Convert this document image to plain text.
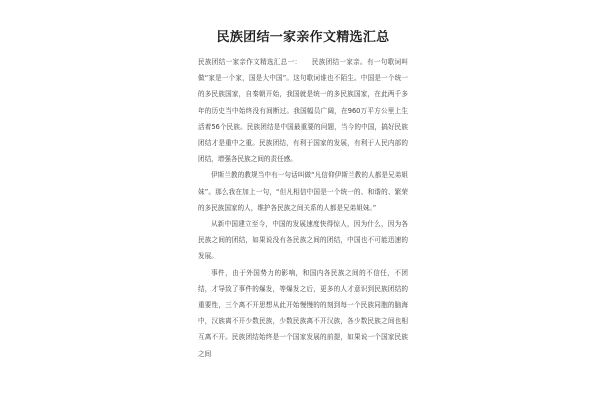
民族团结一家亲作文精选汇总

民族团结一家亲作文精选汇总一：　　民族团结一家亲。有一句歌词叫做“家是一个家，国是大中国”。这句歌词谁也不陌生。中国是一个统一的多民族国家，自秦朝开始，我国就是统一的多民族国家，在此两千多年的历史当中始终没有间断过。我国幅员广阔，在960万平方公里上生活着56个民族。民族团结是中国最重要的问题，当今的中国，搞好民族团结才是重中之重。民族团结，有利于国家的发展，有利于人民内部的团结，增强各民族之间的责任感。

伊斯兰教的教规当中有一句话叫做“凡信仰伊斯兰教的人都是兄弟姐妹”。那么我在加上一句，“但凡相信中国是一个统一的、和谐的、繁荣的多民族国家的人，维护各民族之间关系的人都是兄弟姐妹。”

从新中国建立至今，中国的发展速度快得惊人，因为什么，因为各民族之间的团结，如果说没有各民族之间的团结，中国也不可能迅速的发展。

事件，由于外国势力的影响，和国内各民族之间的不信任，不团结，才导致了事件的爆发，等爆发之后，更多的人才意识到民族团结的重要性，三个离不开思想从此开始慢慢的的刻到每一个民族同胞的脑海中，汉族离不开少数民族，少数民族离不开汉族，各少数民族之间也相互离不开。民族团结始终是一个国家发展的前提，如果说一个国家民族之间
